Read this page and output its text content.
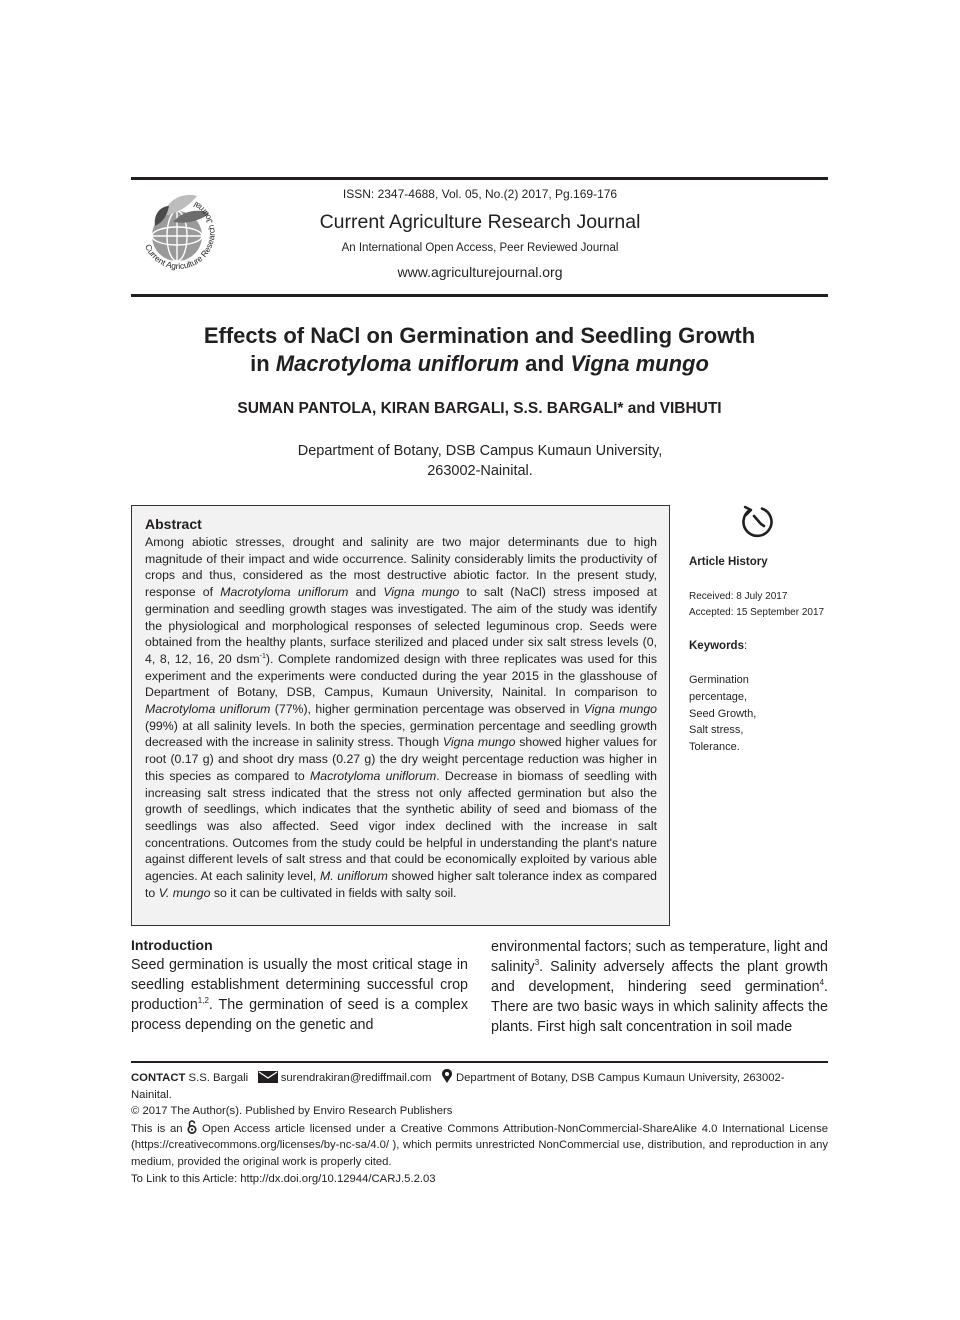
Current Agriculture Research Journal
ISSN: 2347-4688, Vol. 05, No.(2) 2017, Pg.169-176
Current Agriculture Research Journal
An International Open Access, Peer Reviewed Journal
www.agriculturejournal.org
Effects of NaCl on Germination and Seedling Growth
in Macrotyloma uniflorum and Vigna mungo
SUMAN PANTOLA, KIRAN BARGALI, S.S. BARGALI* and VIBHUTI
Department of Botany, DSB Campus Kumaun University,
263002-Nainital.
Abstract
Among abiotic stresses, drought and salinity are two major determinants due to high magnitude of their impact and wide occurrence. Salinity considerably limits the productivity of crops and thus, considered as the most destructive abiotic factor. In the present study, response of Macrotyloma uniflorum and Vigna mungo to salt (NaCl) stress imposed at germination and seedling growth stages was investigated. The aim of the study was identify the physiological and morphological responses of selected leguminous crop. Seeds were obtained from the healthy plants, surface sterilized and placed under six salt stress levels (0, 4, 8, 12, 16, 20 dsm$^{-1}$). Complete randomized design with three replicates was used for this experiment and the experiments were conducted during the year 2015 in the glasshouse of Department of Botany, DSB, Campus, Kumaun University, Nainital. In comparison to Macrotyloma uniflorum (77%), higher germination percentage was observed in Vigna mungo (99%) at all salinity levels. In both the species, germination percentage and seedling growth decreased with the increase in salinity stress. Though Vigna mungo showed higher values for root (0.17 g) and shoot dry mass (0.27 g) the dry weight percentage reduction was higher in this species as compared to Macrotyloma uniflorum. Decrease in biomass of seedling with increasing salt stress indicated that the stress not only affected germination but also the growth of seedlings, which indicates that the synthetic ability of seed and biomass of the seedlings was also affected. Seed vigor index declined with the increase in salt concentrations. Outcomes from the study could be helpful in understanding the plant's nature against different levels of salt stress and that could be economically exploited by various able agencies. At each salinity level, M. uniflorum showed higher salt tolerance index as compared to V. mungo so it can be cultivated in fields with salty soil.
Article History
Received: 8 July 2017
Accepted: 15 September 2017
Keywords:
Germination
percentage,
Seed Growth,
Salt stress,
Tolerance.
Introduction
Seed germination is usually the most critical stage in seedling establishment determining successful crop production$^{1,2}$. The germination of seed is a complex process depending on the genetic and
environmental factors; such as temperature, light and salinity$^3$. Salinity adversely affects the plant growth and development, hindering seed germination$^4$. There are two basic ways in which salinity affects the plants. First high salt concentration in soil made
CONTACT S.S. Bargali	surendrakiran@rediffmail.com Department of Botany, DSB Campus Kumaun University, 263002-
Nainital.
© 2017 The Author(s). Published by Enviro Research Publishers
This is an  Open Access article licensed under a Creative Commons Attribution-NonCommercial-ShareAlike 4.0 International License (https://creativecommons.org/licenses/by-nc-sa/4.0/ ), which permits unrestricted NonCommercial use, distribution, and reproduction in any medium, provided the original work is properly cited.
To Link to this Article: http://dx.doi.org/10.12944/CARJ.5.2.03
